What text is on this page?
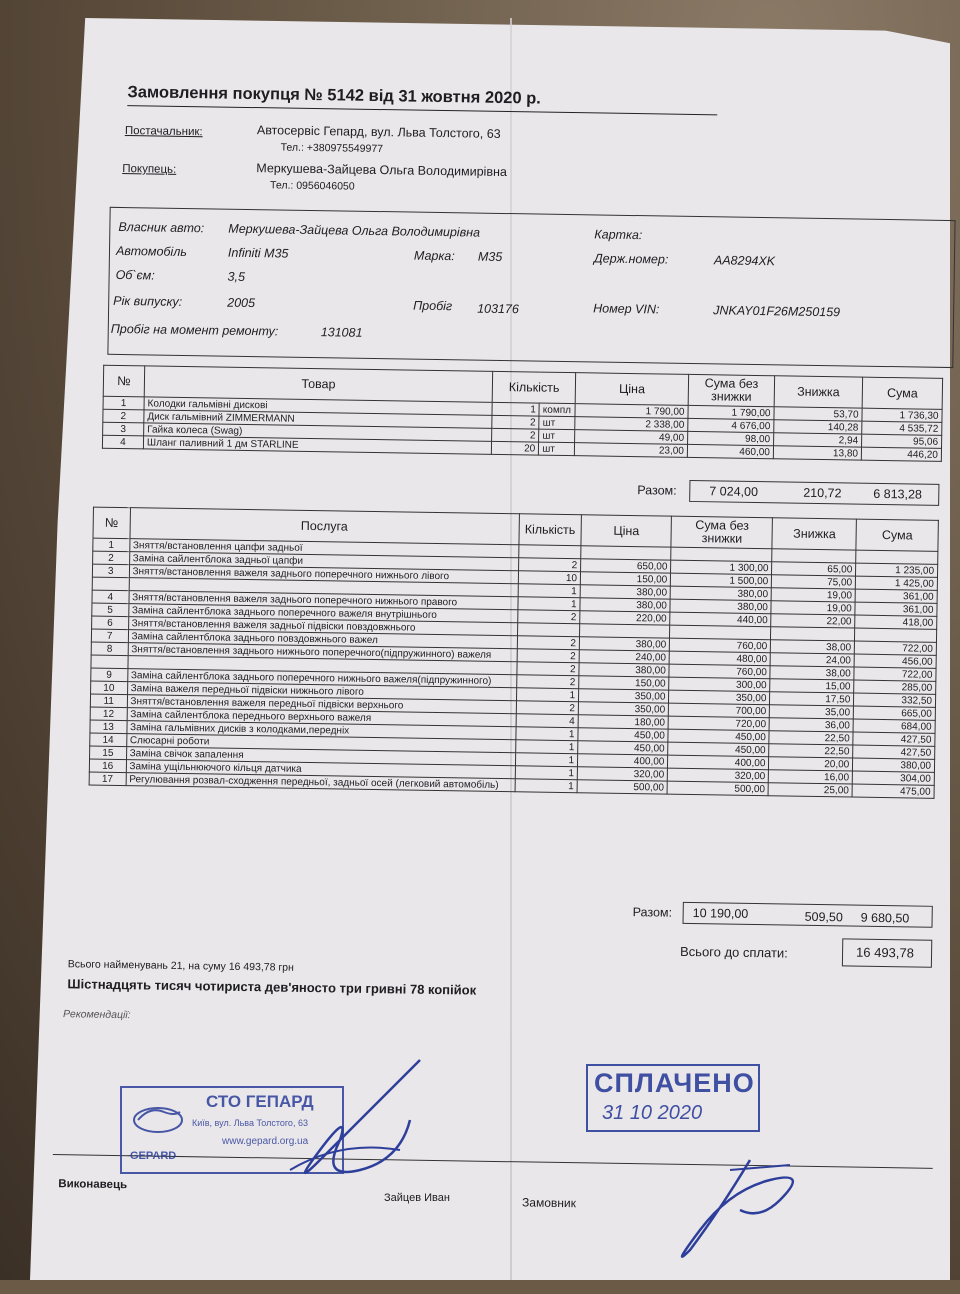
Замовлення покупця № 5142 від 31 жовтня 2020 р.
Постачальник:	Автосервіс Гепард, вул. Льва Толстого, 63
Тел.: +380975549977
Покупець:	Меркушева-Зайцева Ольга Володимирівна
Тел.: 0956046050
Власник авто: Меркушева-Зайцева Ольга Володимирівна	Картка:
Автомобіль	Infiniti M35	Марка: M35	Держ.номер:	AA8294XK
Об`єм:	3,5
Рік випуску:	2005	Пробіг 103176	Номер VIN:	JNKAY01F26M250159
Пробіг на момент ремонту:	131081
№	Товар	Кількість		Ціна	Сума без знижки	Знижка	Сума
1	Колодки гальмівні дискові	1	компл	1 790,00	1 790,00	53,70	1 736,30
2	Диск гальмівний ZIMMERMANN	2	шт	2 338,00	4 676,00	140,28	4 535,72
3	Гайка колеса (Swag)	2	шт	49,00	98,00	2,94	95,06
4	Шланг паливний 1 дм STARLINE	20	шт	23,00	460,00	13,80	446,20
Разом:	7 024,00	210,72	6 813,28
№	Послуга	Кількість	Ціна	Сума без знижки	Знижка	Сума
1	Зняття/встановлення цапфи задньої					
2	Заміна сайлентблока задньої цапфи	2	650,00	1 300,00	65,00	1 235,00
3	Зняття/встановлення важеля заднього поперечного нижнього лівого	10	150,00	1 500,00	75,00	1 425,00
		1	380,00	380,00	19,00	361,00
4	Зняття/встановлення важеля заднього поперечного нижнього правого	1	380,00	380,00	19,00	361,00
5	Заміна сайлентблока заднього поперечного важеля внутрішнього	2	220,00	440,00	22,00	418,00
6	Зняття/встановлення важеля задньої підвіски повздовжнього					
7	Заміна сайлентблока заднього повздовжнього важел	2	380,00	760,00	38,00	722,00
8	Зняття/встановлення заднього нижнього поперечного(підпружинного) важеля	2	240,00	480,00	24,00	456,00
		2	380,00	760,00	38,00	722,00
9	Заміна сайлентблока заднього поперечного нижнього важеля(підпружинного)	2	150,00	300,00	15,00	285,00
10	Заміна важеля передньої підвіски нижнього лівого	1	350,00	350,00	17,50	332,50
11	Зняття/встановлення важеля передньої підвіски верхнього	2	350,00	700,00	35,00	665,00
12	Заміна сайлентблока переднього верхнього важеля	4	180,00	720,00	36,00	684,00
13	Заміна гальмівних дисків з колодками,передніх	1	450,00	450,00	22,50	427,50
14	Слюсарні роботи	1	450,00	450,00	22,50	427,50
15	Заміна свічок запалення	1	400,00	400,00	20,00	380,00
16	Заміна ущільнюючого кільця датчика	1	320,00	320,00	16,00	304,00
17	Регулювання розвал-сходження передньої, задньої осей (легковий автомобіль)	1	500,00	500,00	25,00	475,00
Разом: 10 190,00	509,50 9 680,50
Всього до сплати:	16 493,78
Всього найменувань 21, на суму 16 493,78 грн
Шістнадцять тисяч чотириста дев'яносто три гривні 78 копійок
Рекомендації:
Виконавець
Замовник
СТО ГЕПАРД
Київ, вул. Льва Толстого, 63
www.gepard.org.ua
GEPARD
Зайцев Иван
СПЛАЧЕНО
31 10 2020
